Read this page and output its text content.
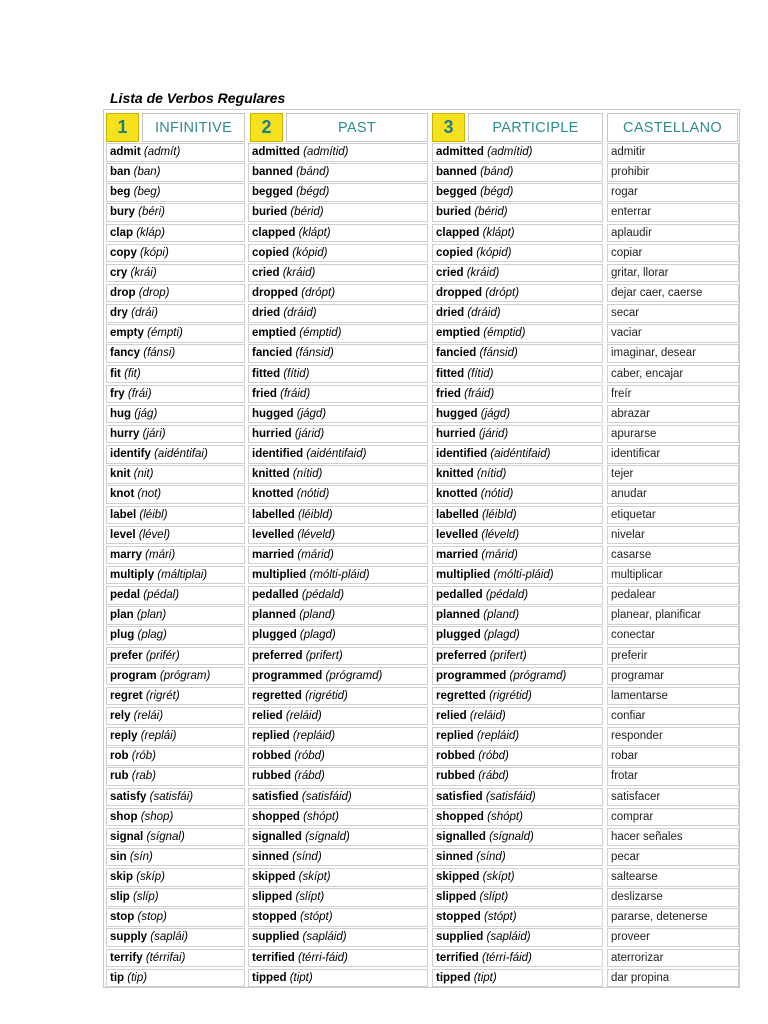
Lista de Verbos Regulares
1	INFINITIVE	2	PAST	3	PARTICIPLE	CASTELLANO
admit (admít)	admitted (admítid)	admitted (admítid)	admitir
ban (ban)	banned (bánd)	banned (bánd)	prohibir
beg (beg)	begged (bégd)	begged (bégd)	rogar
bury (béri)	buried (bérid)	buried (bérid)	enterrar
clap (kláp)	clapped (klápt)	clapped (klápt)	aplaudir
copy (kópi)	copied (kópid)	copied (kópid)	copiar
cry (krái)	cried (kráid)	cried (kráid)	gritar, llorar
drop (drop)	dropped (drópt)	dropped (drópt)	dejar caer, caerse
dry (drái)	dried (dráid)	dried (dráid)	secar
empty (émpti)	emptied (émptid)	emptied (émptid)	vaciar
fancy (fánsi)	fancied (fánsid)	fancied (fánsid)	imaginar, desear
fit (fit)	fitted (fítid)	fitted (fítid)	caber, encajar
fry (frái)	fried (fráid)	fried (fráid)	freír
hug (jág)	hugged (jágd)	hugged (jágd)	abrazar
hurry (jári)	hurried (járid)	hurried (járid)	apurarse
identify (aidéntifai)	identified (aidéntifaid)	identified (aidéntifaid)	identificar
knit (nit)	knitted (nítid)	knitted (nítid)	tejer
knot (not)	knotted (nótid)	knotted (nótid)	anudar
label (léibl)	labelled (léibld)	labelled (léibld)	etiquetar
level (lével)	levelled (léveld)	levelled (léveld)	nivelar
marry (mári)	married (márid)	married (márid)	casarse
multiply (máltiplai)	multiplied (mólti-pláid)	multiplied (mólti-pláid)	multiplicar
pedal (pédal)	pedalled (pédald)	pedalled (pédald)	pedalear
plan (plan)	planned (pland)	planned (pland)	planear, planificar
plug (plag)	plugged (plagd)	plugged (plagd)	conectar
prefer (prifér)	preferred (prifert)	preferred (prifert)	preferir
program (prógram)	programmed (prógramd)	programmed (prógramd)	programar
regret (rigrét)	regretted (rigrétid)	regretted (rigrétid)	lamentarse
rely (relái)	relied (reláid)	relied (reláid)	confiar
reply (replái)	replied (repláid)	replied (repláid)	responder
rob (rób)	robbed (róbd)	robbed (róbd)	robar
rub (rab)	rubbed (rábd)	rubbed (rábd)	frotar
satisfy (satisfái)	satisfied (satisfáid)	satisfied (satisfáid)	satisfacer
shop (shop)	shopped (shópt)	shopped (shópt)	comprar
signal (sígnal)	signalled (sígnald)	signalled (sígnald)	hacer señales
sin (sín)	sinned (sínd)	sinned (sínd)	pecar
skip (skíp)	skipped (skípt)	skipped (skípt)	saltearse
slip (slíp)	slipped (slípt)	slipped (slípt)	deslizarse
stop (stop)	stopped (stópt)	stopped (stópt)	pararse, detenerse
supply (saplái)	supplied (sapláid)	supplied (sapláid)	proveer
terrify (térrifai)	terrified (térri-fáid)	terrified (térri-fáid)	aterrorizar
tip (tip)	tipped (tipt)	tipped (tipt)	dar propina
